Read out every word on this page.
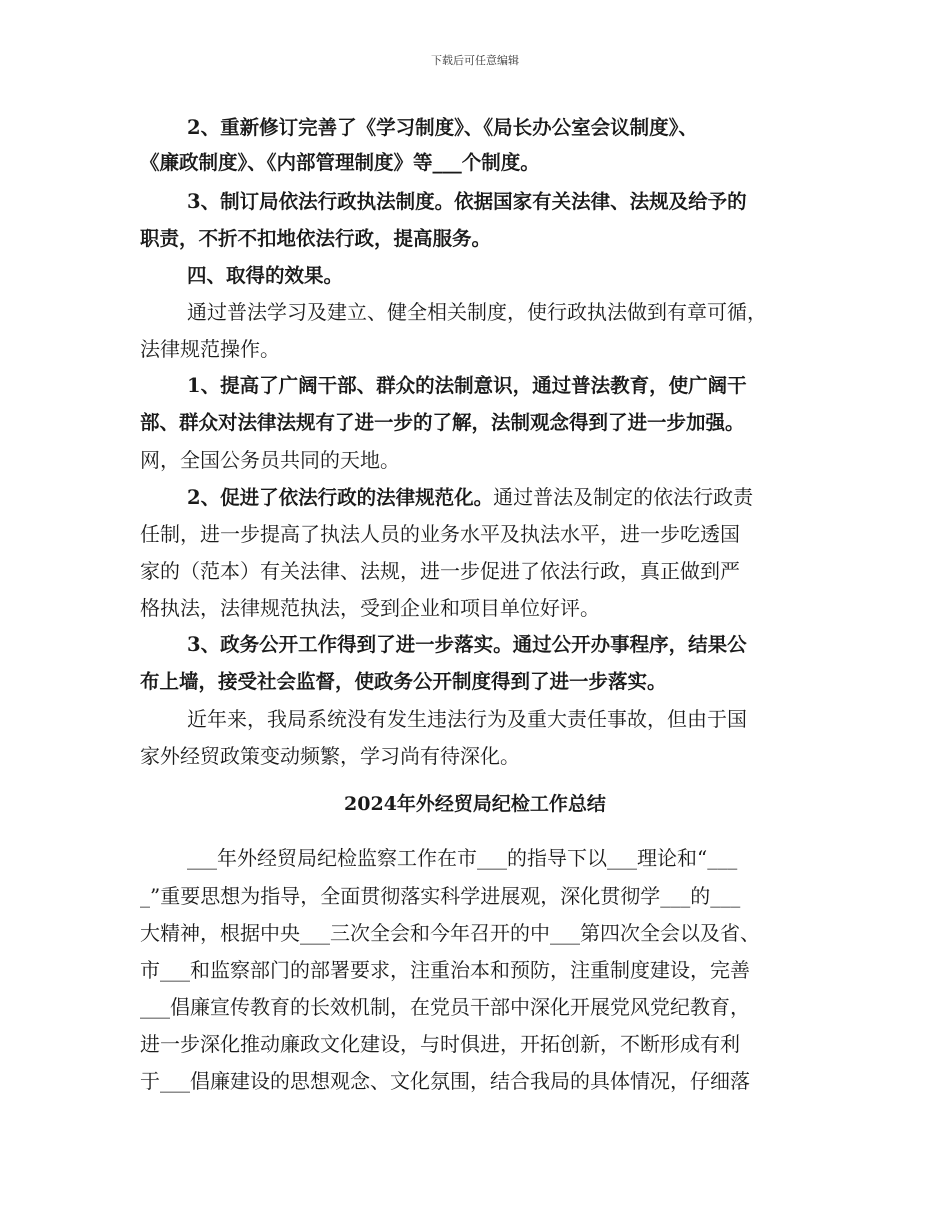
下载后可任意编辑
2、重新修订完善了《学习制度》、《局长办公室会议制度》、
《廉政制度》、《内部管理制度》等___个制度。
3、制订局依法行政执法制度。依据国家有关法律、法规及给予的
职责，不折不扣地依法行政，提高服务。
四、取得的效果。
通过普法学习及建立、健全相关制度，使行政执法做到有章可循，
法律规范操作。
1、提高了广阔干部、群众的法制意识，通过普法教育，使广阔干
部、群众对法律法规有了进一步的了解，法制观念得到了进一步加强。
网，全国公务员共同的天地。
2、促进了依法行政的法律规范化。通过普法及制定的依法行政责
任制，进一步提高了执法人员的业务水平及执法水平，进一步吃透国
家的（范本）有关法律、法规，进一步促进了依法行政，真正做到严
格执法，法律规范执法，受到企业和项目单位好评。
3、政务公开工作得到了进一步落实。通过公开办事程序，结果公
布上墙，接受社会监督，使政务公开制度得到了进一步落实。
近年来，我局系统没有发生违法行为及重大责任事故，但由于国
家外经贸政策变动频繁，学习尚有待深化。
2024年外经贸局纪检工作总结
___年外经贸局纪检监察工作在市___的指导下以___理论和“___
_”重要思想为指导，全面贯彻落实科学进展观，深化贯彻学___的___
大精神，根据中央___三次全会和今年召开的中___第四次全会以及省、
市___和监察部门的部署要求，注重治本和预防，注重制度建设，完善
___倡廉宣传教育的长效机制，在党员干部中深化开展党风党纪教育，
进一步深化推动廉政文化建设，与时俱进，开拓创新，不断形成有利
于___倡廉建设的思想观念、文化氛围，结合我局的具体情况，仔细落
